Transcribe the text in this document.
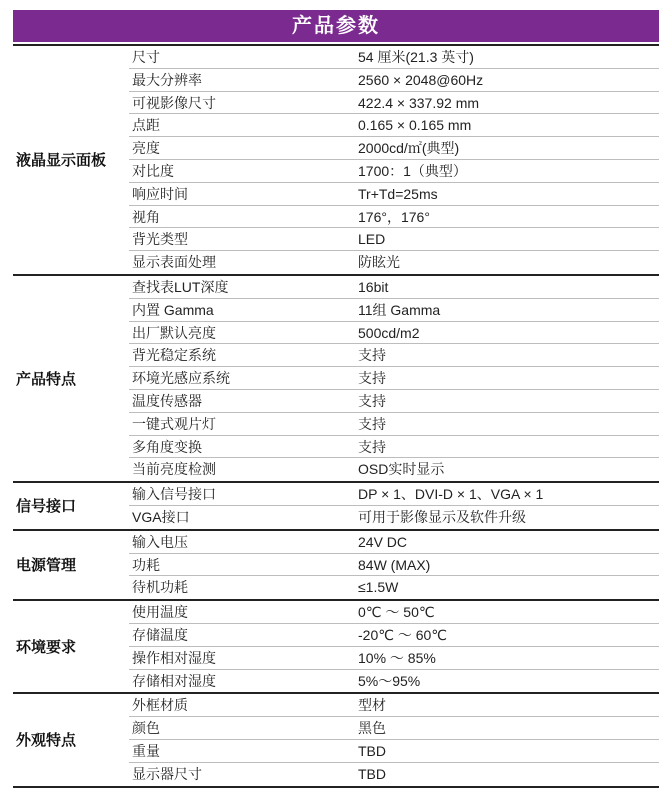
产品参数
液晶显示面板
尺寸	54 厘米(21.3 英寸)
最大分辨率	2560 × 2048@60Hz
可视影像尺寸	422.4 × 337.92 mm
点距	0.165 × 0.165 mm
亮度	2000cd/㎡(典型)
对比度	1700：1（典型）
响应时间	Tr+Td=25ms
视角	176°，176°
背光类型	LED
显示表面处理	防眩光
产品特点
查找表LUT深度	16bit
内置 Gamma	11组 Gamma
出厂默认亮度	500cd/m2
背光稳定系统	支持
环境光感应系统	支持
温度传感器	支持
一键式观片灯	支持
多角度变换	支持
当前亮度检测	OSD实时显示
信号接口
输入信号接口	DP × 1、DVI-D × 1、VGA × 1
VGA接口	可用于影像显示及软件升级
电源管理
输入电压	24V DC
功耗	84W (MAX)
待机功耗	≤1.5W
环境要求
使用温度	0℃ ～ 50℃
存储温度	-20℃ ～ 60℃
操作相对湿度	10% ～ 85%
存储相对湿度	5%～95%
外观特点
外框材质	型材
颜色	黑色
重量	TBD
显示器尺寸	TBD
